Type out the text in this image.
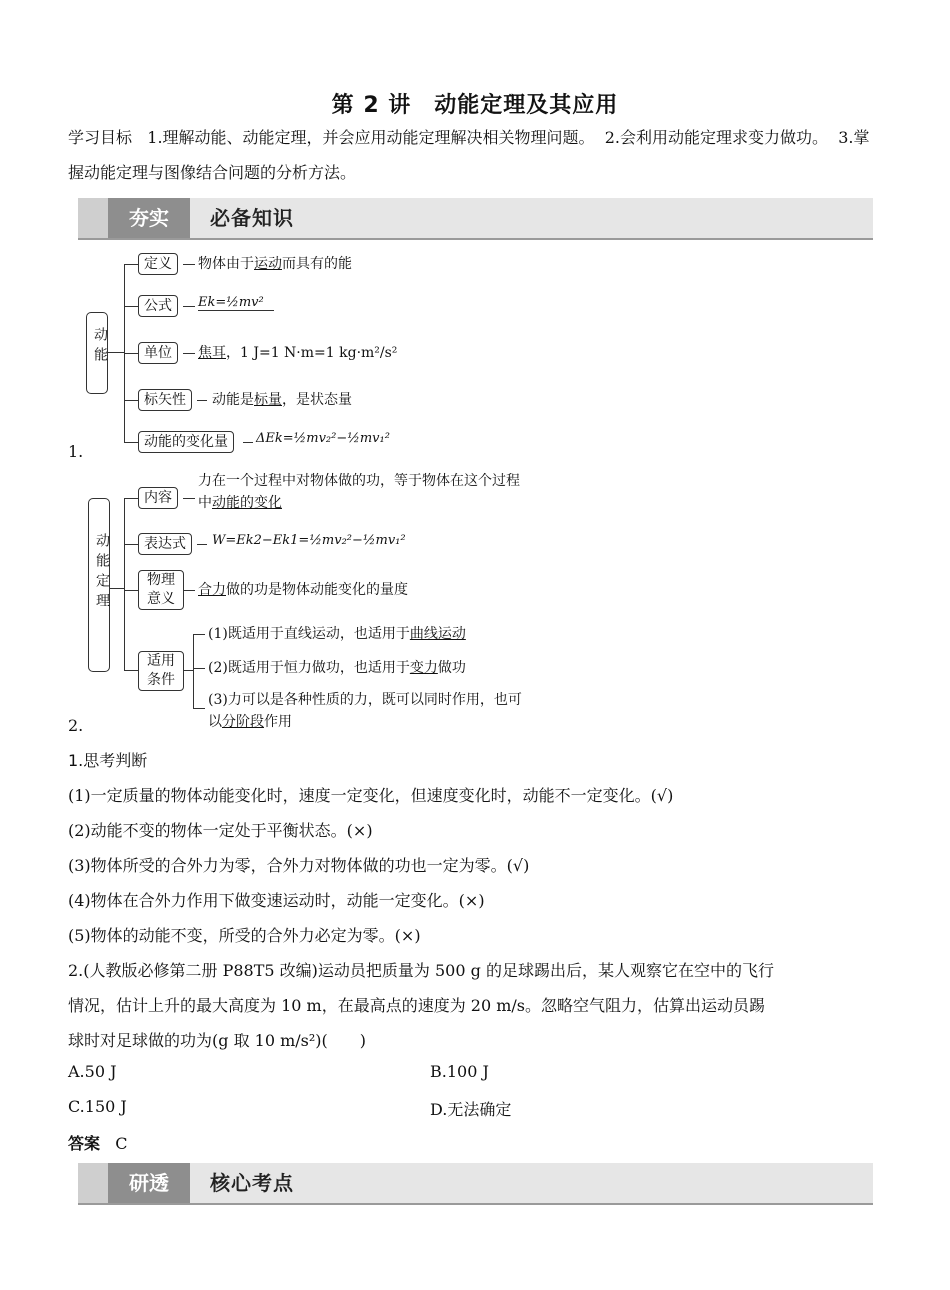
第 2 讲　动能定理及其应用
学习目标 1.理解动能、动能定理，并会应用动能定理解决相关物理问题。 2.会利用动能定理求变力做功。 3.掌握动能定理与图像结合问题的分析方法。
夯实	必备知识
动能
定义	物体由于运动而具有的能
公式	Ek=½mv²
单位	焦耳，1 J=1 N·m=1 kg·m²/s²
标矢性	动能是标量，是状态量
动能的变化量	ΔEk=½mv₂²−½mv₁²
1.
动能定理
内容
力在一个过程中对物体做的功，等于物体在这个过程
中动能的变化
表达式	W=Ek2−Ek1=½mv₂²−½mv₁²
物理意义
合力做的功是物体动能变化的量度
适用条件
(1)既适用于直线运动，也适用于曲线运动
(2)既适用于恒力做功，也适用于变力做功
(3)力可以是各种性质的力，既可以同时作用，也可
以分阶段作用
2.
1.思考判断
(1)一定质量的物体动能变化时，速度一定变化，但速度变化时，动能不一定变化。(√)
(2)动能不变的物体一定处于平衡状态。(×)
(3)物体所受的合外力为零，合外力对物体做的功也一定为零。(√)
(4)物体在合外力作用下做变速运动时，动能一定变化。(×)
(5)物体的动能不变，所受的合外力必定为零。(×)
2.(人教版必修第二册 P88T5 改编)运动员把质量为 500 g 的足球踢出后，某人观察它在空中的飞行
情况，估计上升的最大高度为 10 m，在最高点的速度为 20 m/s。忽略空气阻力，估算出运动员踢
球时对足球做的功为(g 取 10 m/s²)(　　)
A.50 J	B.100 J
C.150 J	D.无法确定
答案 C
研透	核心考点
